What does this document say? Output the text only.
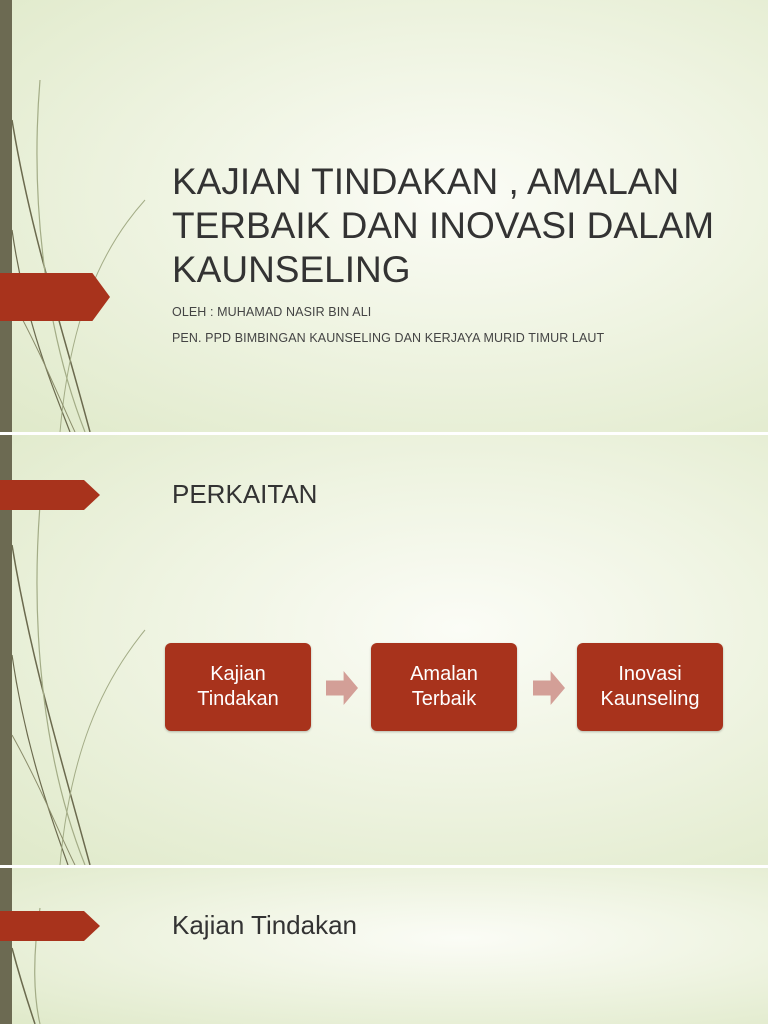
KAJIAN TINDAKAN , AMALAN TERBAIK DAN INOVASI DALAM KAUNSELING

OLEH : MUHAMAD NASIR BIN ALI

PEN. PPD BIMBINGAN KAUNSELING DAN KERJAYA MURID TIMUR LAUT

PERKAITAN
Kajian
Tindakan
Amalan
Terbaik
Inovasi
Kaunseling
Kajian Tindakan
